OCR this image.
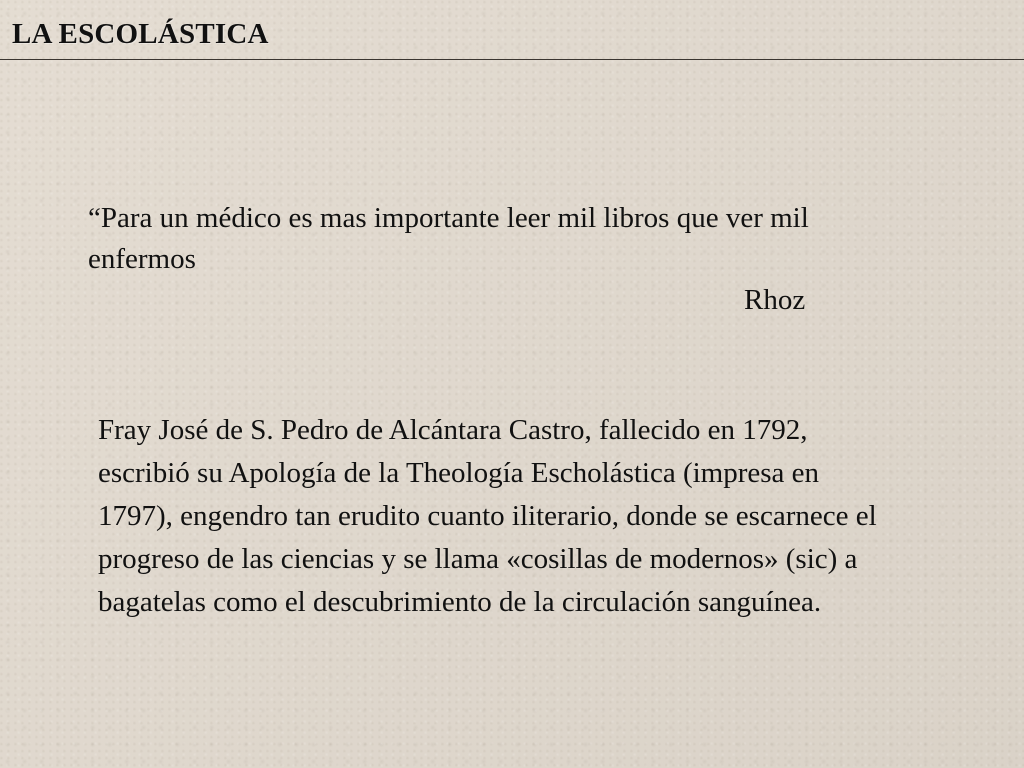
LA ESCOLÁSTICA

“Para un médico es mas importante leer mil libros que ver mil enfermos

Rhoz

Fray José de S. Pedro de Alcántara Castro, fallecido en 1792, escribió su Apología de la Theología Escholástica (impresa en 1797), engendro tan erudito cuanto iliterario, donde se escarnece el progreso de las ciencias y se llama «cosillas de modernos» (sic) a bagatelas como el descubrimiento de la circulación sanguínea.
